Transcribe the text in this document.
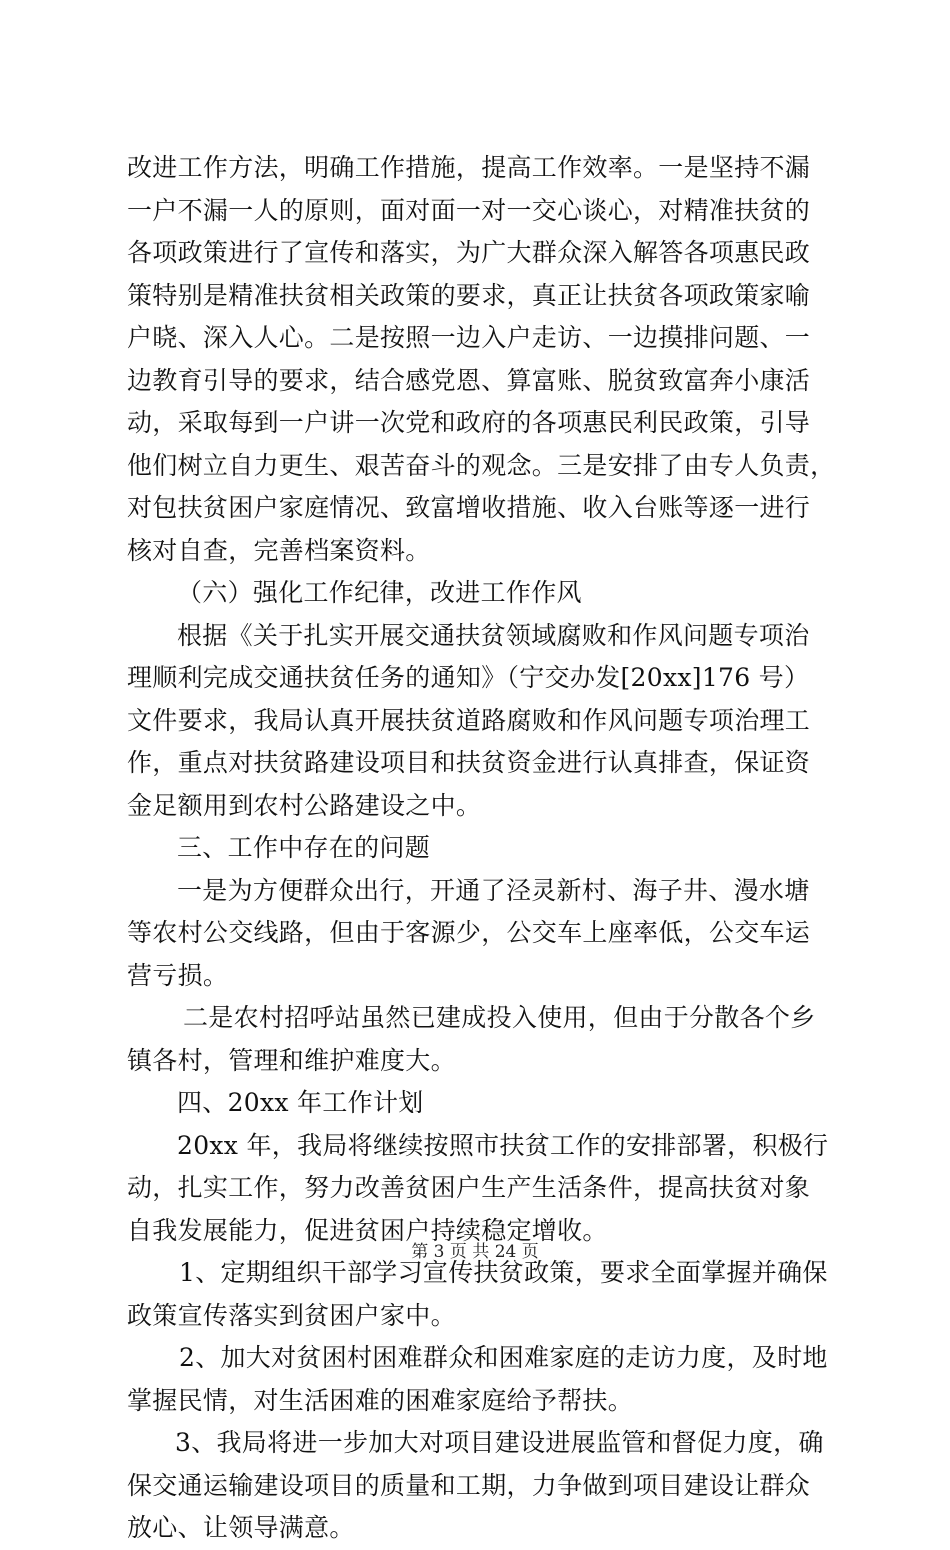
改进工作方法，明确工作措施，提高工作效率。一是坚持不漏
一户不漏一人的原则，面对面一对一交心谈心，对精准扶贫的
各项政策进行了宣传和落实，为广大群众深入解答各项惠民政
策特别是精准扶贫相关政策的要求，真正让扶贫各项政策家喻
户晓、深入人心。二是按照一边入户走访、一边摸排问题、一
边教育引导的要求，结合感党恩、算富账、脱贫致富奔小康活
动，采取每到一户讲一次党和政府的各项惠民利民政策，引导
他们树立自力更生、艰苦奋斗的观念。三是安排了由专人负责，
对包扶贫困户家庭情况、致富增收措施、收入台账等逐一进行
核对自查，完善档案资料。
（六）强化工作纪律，改进工作作风
根据《关于扎实开展交通扶贫领域腐败和作风问题专项治
理顺利完成交通扶贫任务的通知》（宁交办发[20xx]176 号）
文件要求，我局认真开展扶贫道路腐败和作风问题专项治理工
作，重点对扶贫路建设项目和扶贫资金进行认真排查，保证资
金足额用到农村公路建设之中。
三、工作中存在的问题
一是为方便群众出行，开通了泾灵新村、海子井、漫水塘
等农村公交线路，但由于客源少，公交车上座率低，公交车运
营亏损。
二是农村招呼站虽然已建成投入使用，但由于分散各个乡
镇各村，管理和维护难度大。
四、20xx 年工作计划
20xx 年，我局将继续按照市扶贫工作的安排部署，积极行
动，扎实工作，努力改善贫困户生产生活条件，提高扶贫对象
自我发展能力，促进贫困户持续稳定增收。
1、定期组织干部学习宣传扶贫政策，要求全面掌握并确保
政策宣传落实到贫困户家中。
2、加大对贫困村困难群众和困难家庭的走访力度，及时地
掌握民情，对生活困难的困难家庭给予帮扶。
3、我局将进一步加大对项目建设进展监管和督促力度，确
保交通运输建设项目的质量和工期，力争做到项目建设让群众
放心、让领导满意。
第 3 页 共 24 页
